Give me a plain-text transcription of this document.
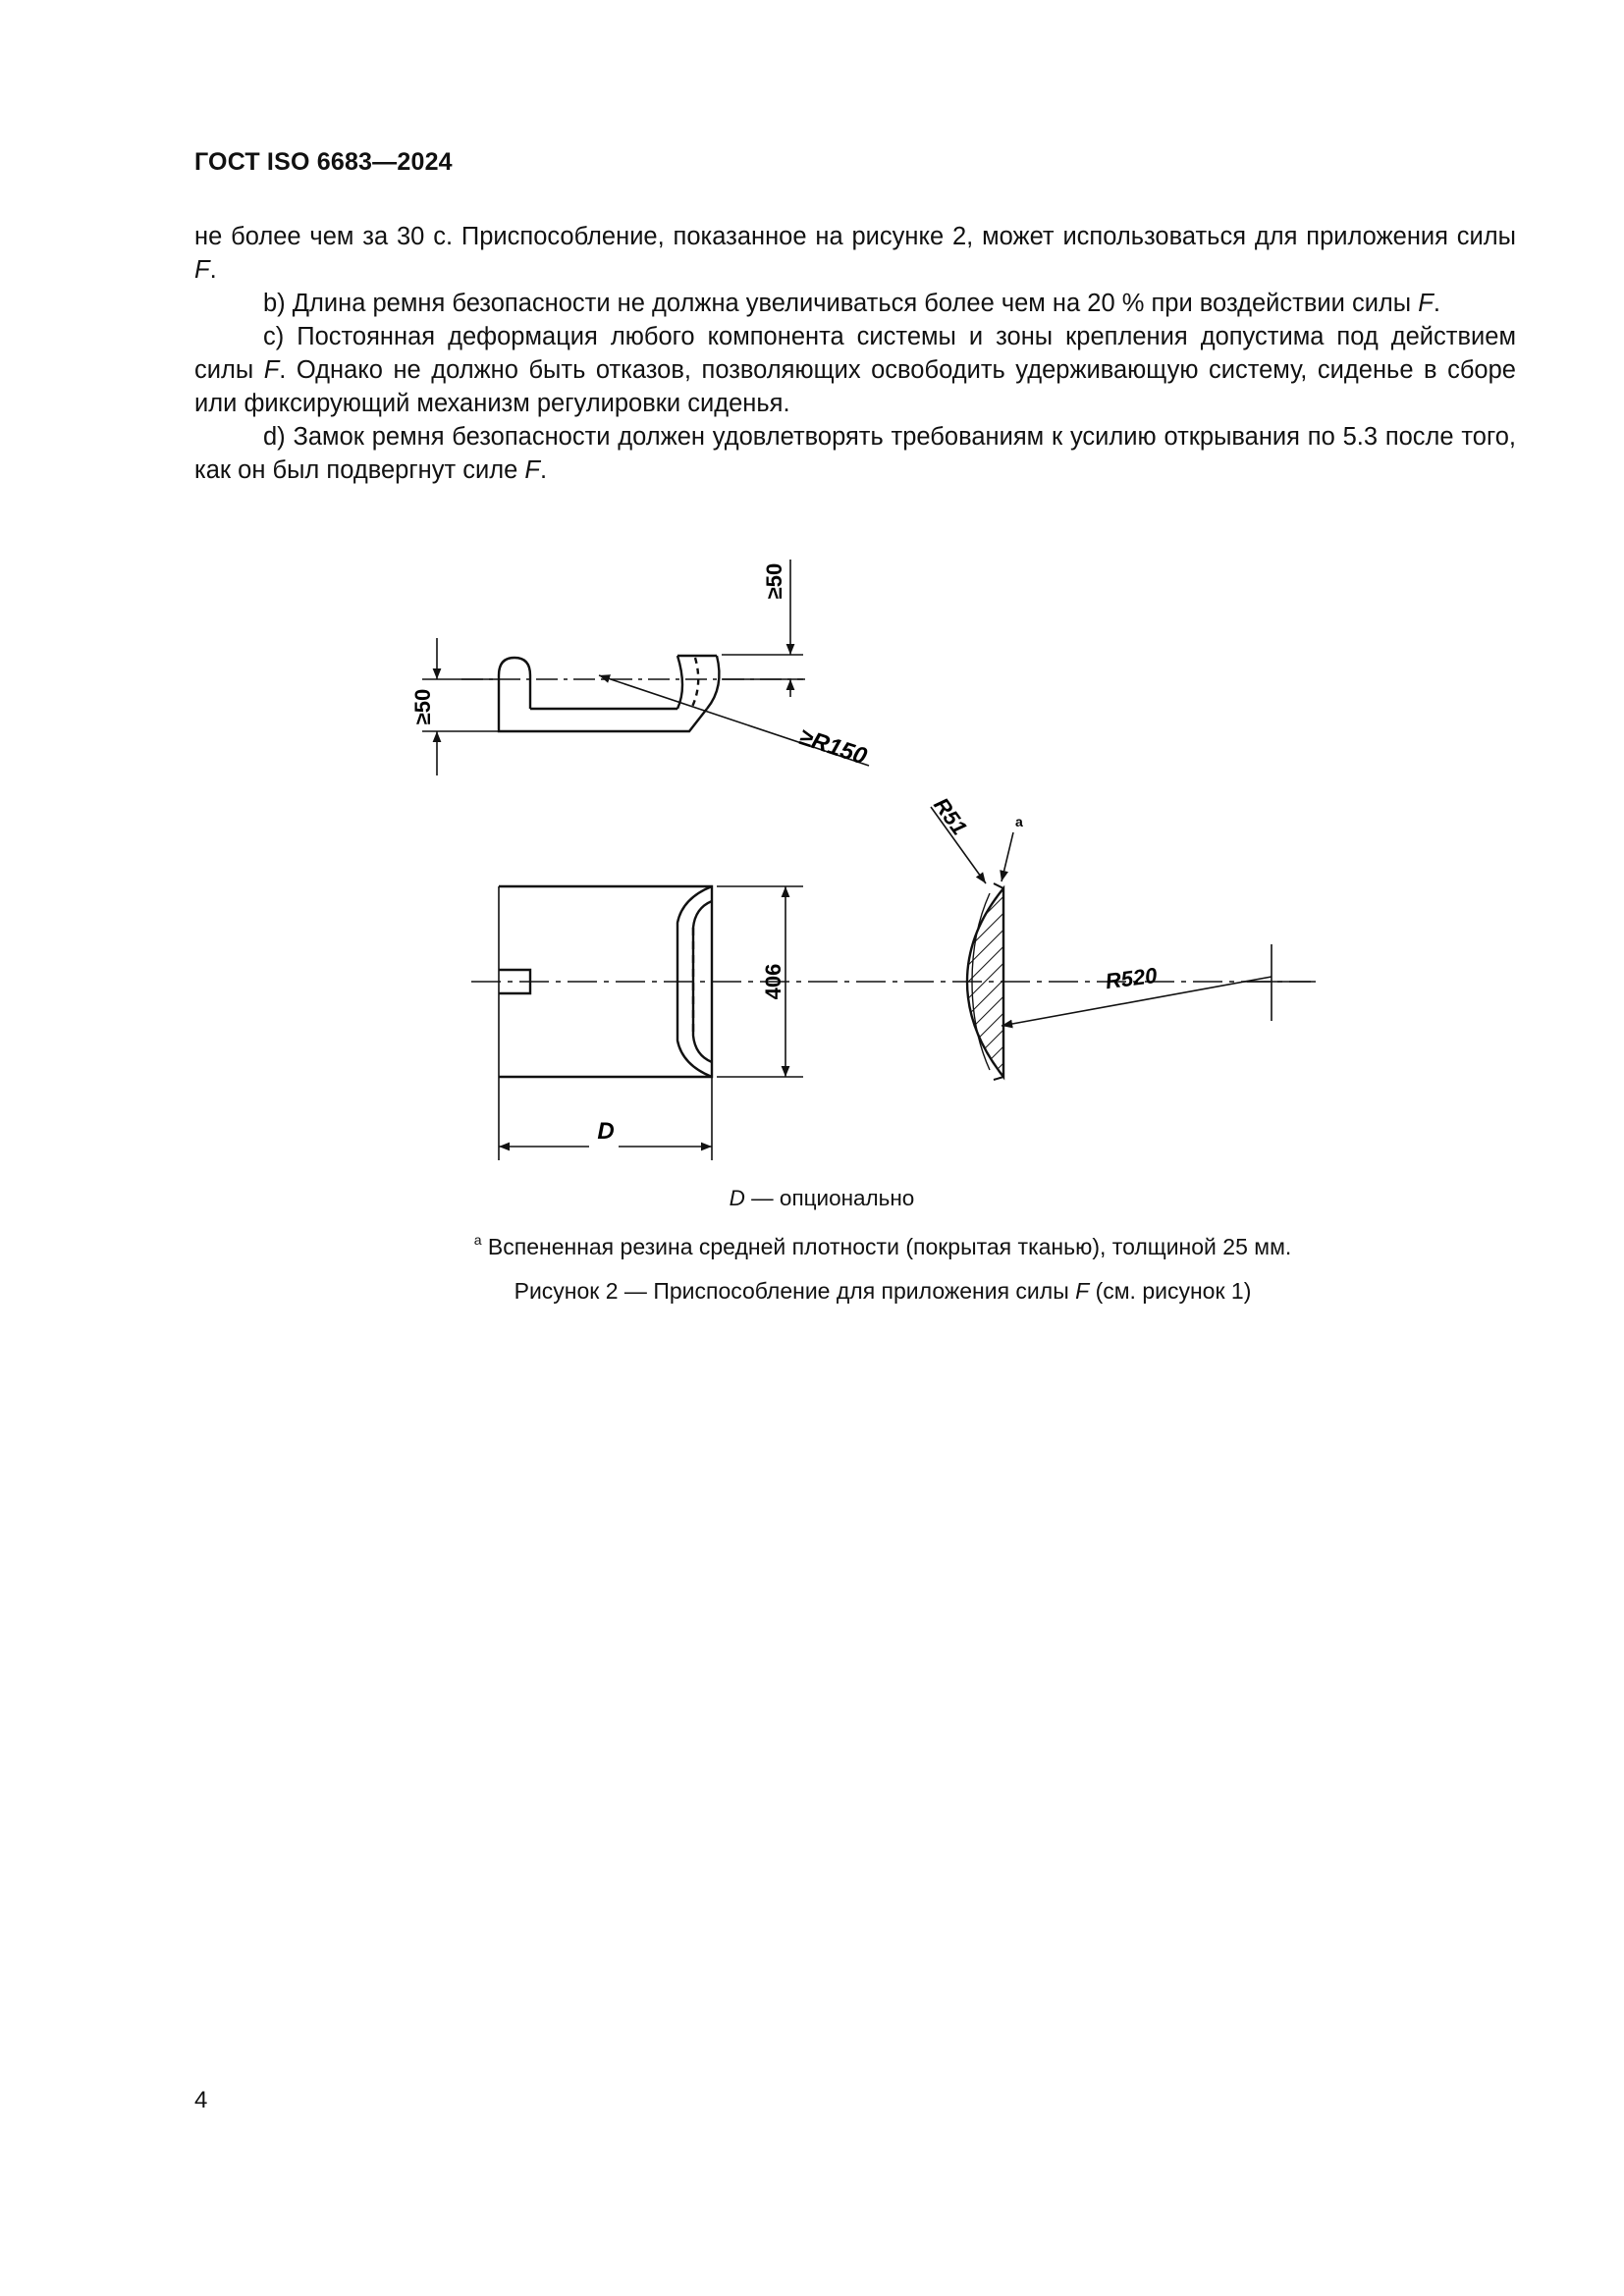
ГОСТ ISO 6683—2024

не более чем за 30 с. Приспособление, показанное на рисунке 2, может использоваться для приложения силы F.

b) Длина ремня безопасности не должна увеличиваться более чем на 20 % при воздействии силы F.

c) Постоянная деформация любого компонента системы и зоны крепления допустима под действием силы F. Однако не должно быть отказов, позволяющих освободить удерживающую систему, сиденье в сборе или фиксирующий механизм регулировки сиденья.

d) Замок ремня безопасности должен удовлетворять требованиям к усилию открывания по 5.3 после того, как он был подвергнут силе F.

≥50
≥50
≥R150
406
D
R51	a
R520
D — опционально
$^a$ Вспененная резина средней плотности (покрытая тканью), толщиной 25 мм.
Рисунок 2 — Приспособление для приложения силы F (см. рисунок 1)
4
